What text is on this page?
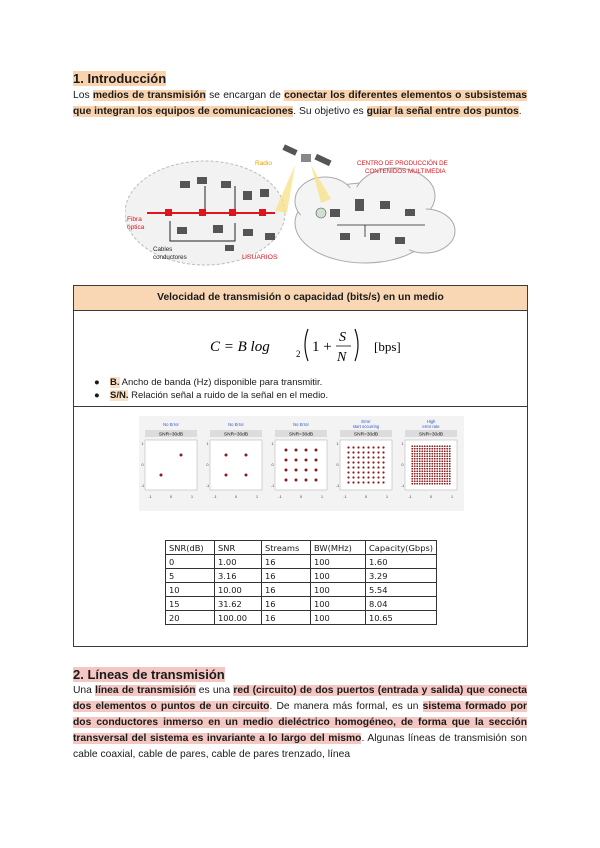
1. Introducción
Los medios de transmisión se encargan de conectar los diferentes elementos o subsistemas que integran los equipos de comunicaciones. Su objetivo es guiar la señal entre dos puntos.
Radio
Fibra
óptica
Cables
conductores	USUARIOS
CENTRO DE PRODUCCIÓN DE
CONTENIDOS MULTIMEDIA
Velocidad de transmisión o capacidad (bits/s) en un medio
C = B log	2 1 +
S
N
[bps]
● B. Ancho de banda (Hz) disponible para transmitir.
● S/N. Relación señal a ruido de la señal en el medio.
No Error
SNR=30dB
1
0
-1
-1	0	1
No Error
SNR=30dB
1
0
-1
-1	0	1
No Error
SNR=30dB
1
0
-1
-1	0	1
Error
start occurring
SNR=30dB
1
0
-1
-1	0	1
High
error rate
SNR=30dB
1
0
-1
-1	0	1
SNR(dB)	SNR	Streams	BW(MHz)	Capacity(Gbps)
0	1.00	16	100	1.60
5	3.16	16	100	3.29
10	10.00	16	100	5.54
15	31.62	16	100	8.04
20	100.00	16	100	10.65
2. Líneas de transmisión
Una línea de transmisión es una red (circuito) de dos puertos (entrada y salida) que conecta dos elementos o puntos de un circuito. De manera más formal, es un sistema formado por dos conductores inmerso en un medio dieléctrico homogéneo, de forma que la sección transversal del sistema es invariante a lo largo del mismo. Algunas líneas de transmisión son cable coaxial, cable de pares, cable de pares trenzado, línea
